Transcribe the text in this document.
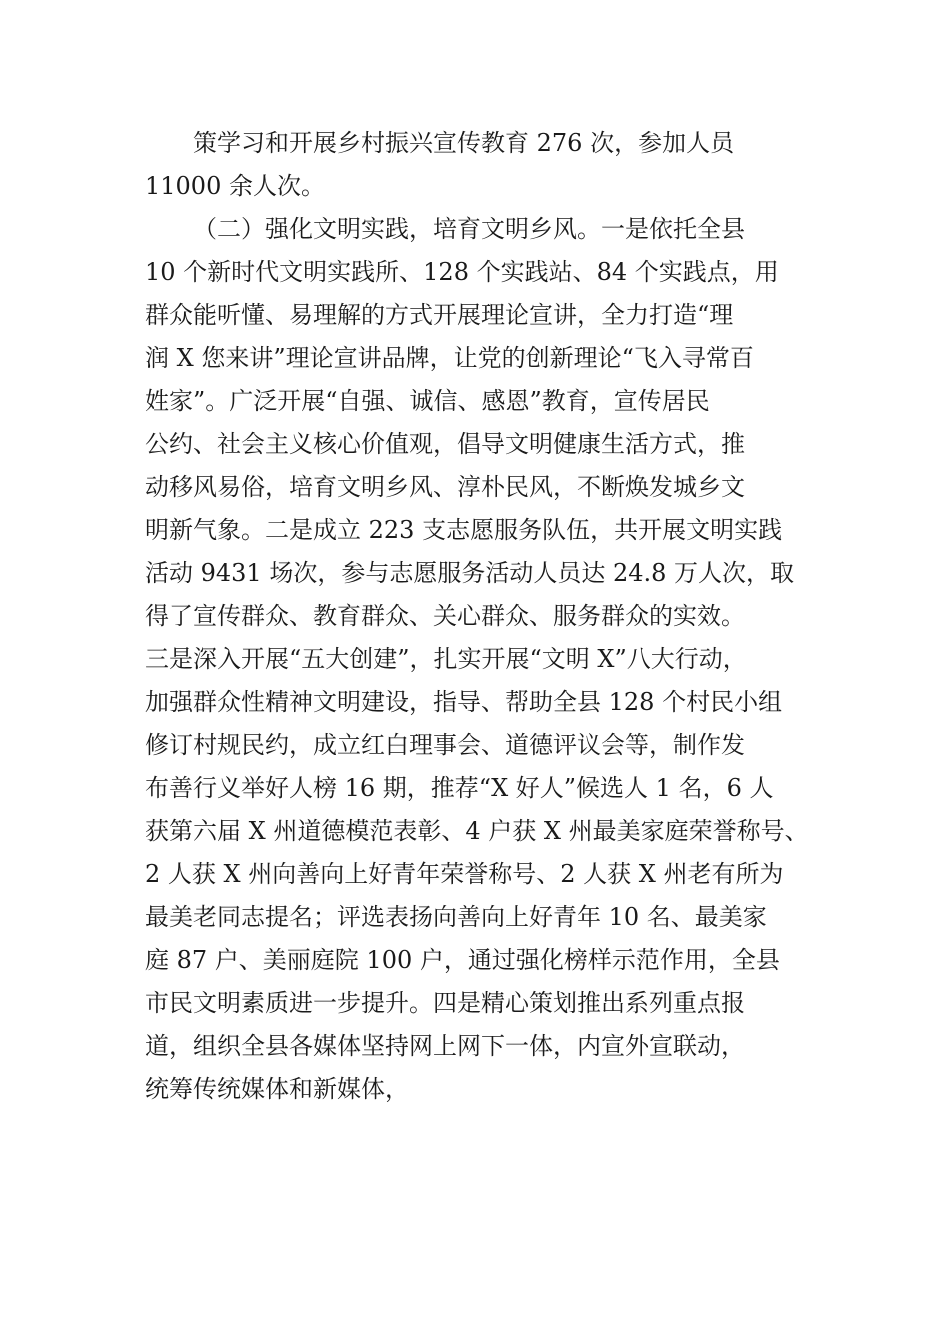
策学习和开展乡村振兴宣传教育 276 次，参加人员
11000 余人次。
（二）强化文明实践，培育文明乡风。一是依托全县
10 个新时代文明实践所、128 个实践站、84 个实践点，用
群众能听懂、易理解的方式开展理论宣讲，全力打造“理
润 X 您来讲”理论宣讲品牌，让党的创新理论“飞入寻常百
姓家”。广泛开展“自强、诚信、感恩”教育，宣传居民
公约、社会主义核心价值观，倡导文明健康生活方式，推
动移风易俗，培育文明乡风、淳朴民风，不断焕发城乡文
明新气象。二是成立 223 支志愿服务队伍，共开展文明实践
活动 9431 场次，参与志愿服务活动人员达 24.8 万人次，取
得了宣传群众、教育群众、关心群众、服务群众的实效。
三是深入开展“五大创建”，扎实开展“文明 X”八大行动，
加强群众性精神文明建设，指导、帮助全县 128 个村民小组
修订村规民约，成立红白理事会、道德评议会等，制作发
布善行义举好人榜 16 期，推荐“X 好人”候选人 1 名，6 人
获第六届 X 州道德模范表彰、4 户获 X 州最美家庭荣誉称号、
2 人获 X 州向善向上好青年荣誉称号、2 人获 X 州老有所为
最美老同志提名；评选表扬向善向上好青年 10 名、最美家
庭 87 户、美丽庭院 100 户，通过强化榜样示范作用，全县
市民文明素质进一步提升。四是精心策划推出系列重点报
道，组织全县各媒体坚持网上网下一体，内宣外宣联动，
统筹传统媒体和新媒体，
